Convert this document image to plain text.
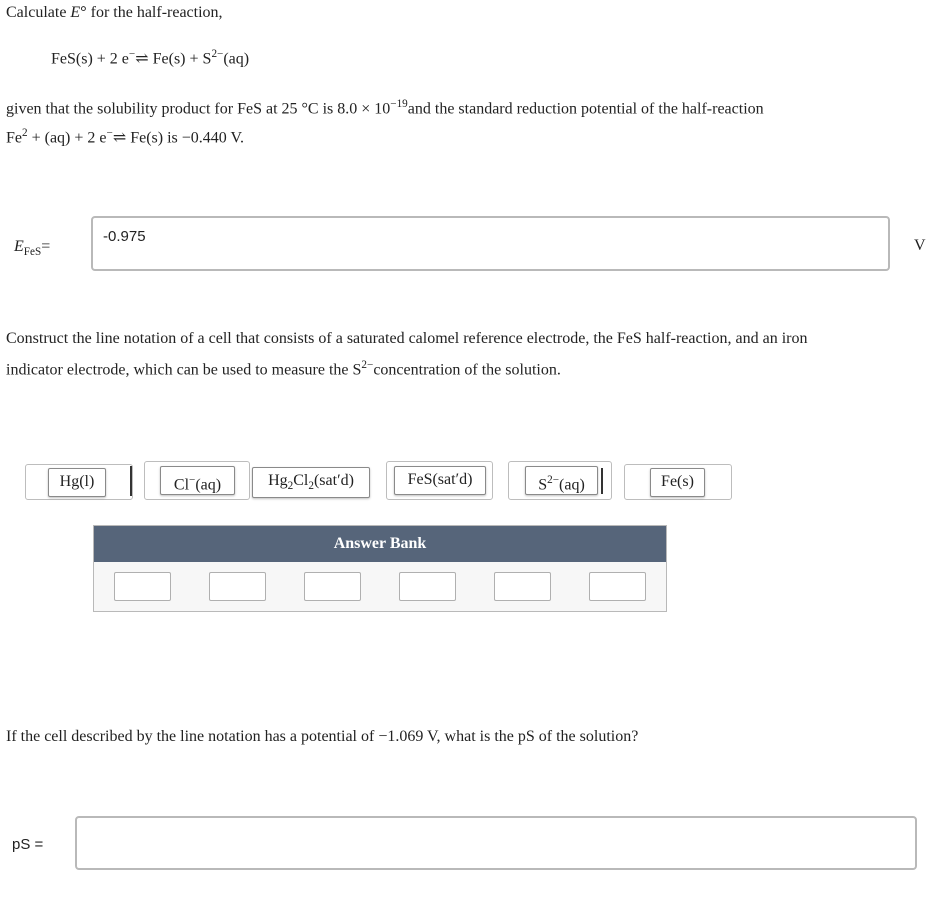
Calculate E° for the half-reaction,
FeS(s) + 2 e−⇌ $Fe(s) + S^{2-}(aq)$
given that the solubility product for FeS at 25 °C is $8.0 \times 10^{-19}and$ the standard reduction potential of the half-reaction
$Fe^2 + (aq) + 2$ e−⇌ Fe(s) is −0.440 V.
$E_{FeS}=$
-0.975
V
Construct the line notation of a cell that consists of a saturated calomel reference electrode, the FeS half-reaction, and an iron
indicator electrode, which can be used to measure the $S^{2-}concentration$ of the solution.
Hg(l)	Cl−(aq)	$Hg_2Cl_2(sat'd)$	FeS(sat′d)	$S^{2-}(aq)$	Fe(s)
Answer Bank
If the cell described by the line notation has a potential of −1.069 V, what is the pS of the solution?
pS =
